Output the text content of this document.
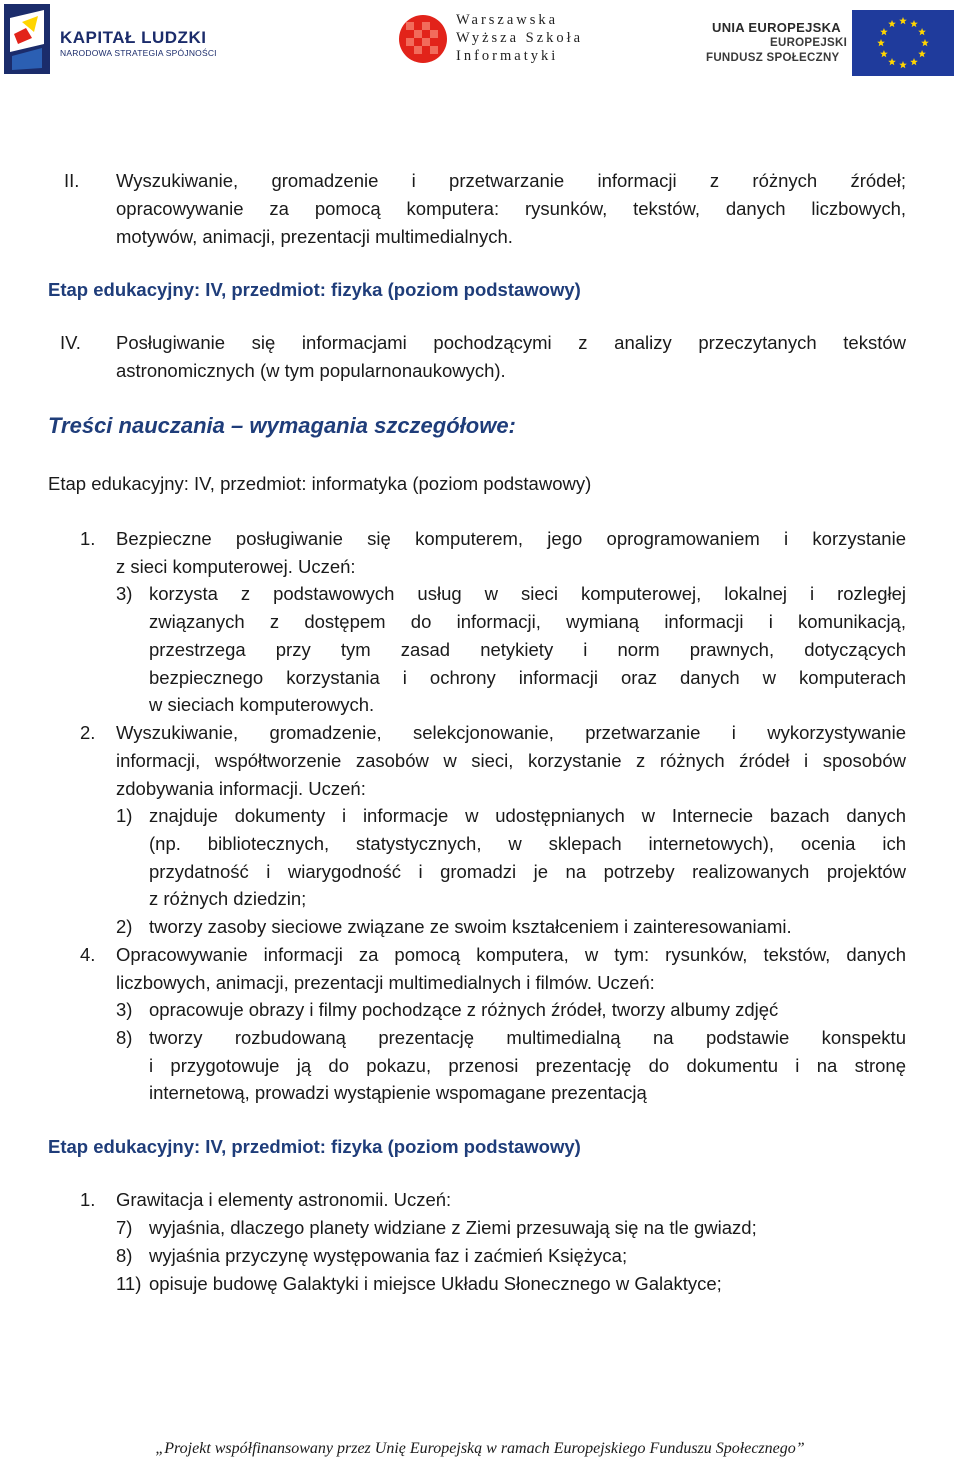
KAPITAŁ LUDZKI
NARODOWA STRATEGIA SPÓJNOŚCI
Warszawska
Wyższa Szkoła
Informatyki
UNIA EUROPEJSKA
EUROPEJSKI
FUNDUSZ SPOŁECZNY
II. Wyszukiwanie, gromadzenie i przetwarzanie informacji z różnych źródeł;
opracowywanie za pomocą komputera: rysunków, tekstów, danych liczbowych,
motywów, animacji, prezentacji multimedialnych.
Etap edukacyjny: IV, przedmiot: fizyka (poziom podstawowy)
IV. Posługiwanie się informacjami pochodzącymi z analizy przeczytanych tekstów
astronomicznych (w tym popularnonaukowych).
Treści nauczania – wymagania szczegółowe:
Etap edukacyjny: IV, przedmiot: informatyka (poziom podstawowy)
1. Bezpieczne posługiwanie się komputerem, jego oprogramowaniem i korzystanie
z sieci komputerowej. Uczeń:
3) korzysta z podstawowych usług w sieci komputerowej, lokalnej i rozległej
związanych z dostępem do informacji, wymianą informacji i komunikacją,
przestrzega przy tym zasad netykiety i norm prawnych, dotyczących
bezpiecznego korzystania i ochrony informacji oraz danych w komputerach
w sieciach komputerowych.
2. Wyszukiwanie, gromadzenie, selekcjonowanie, przetwarzanie i wykorzystywanie
informacji, współtworzenie zasobów w sieci, korzystanie z różnych źródeł i sposobów
zdobywania informacji. Uczeń:
1) znajduje dokumenty i informacje w udostępnianych w Internecie bazach danych
(np. bibliotecznych, statystycznych, w sklepach internetowych), ocenia ich
przydatność i wiarygodność i gromadzi je na potrzeby realizowanych projektów
z różnych dziedzin;
2) tworzy zasoby sieciowe związane ze swoim kształceniem i zainteresowaniami.
4. Opracowywanie informacji za pomocą komputera, w tym: rysunków, tekstów, danych
liczbowych, animacji, prezentacji multimedialnych i filmów. Uczeń:
3) opracowuje obrazy i filmy pochodzące z różnych źródeł, tworzy albumy zdjęć
8) tworzy rozbudowaną prezentację multimedialną na podstawie konspektu
i przygotowuje ją do pokazu, przenosi prezentację do dokumentu i na stronę
internetową, prowadzi wystąpienie wspomagane prezentacją
Etap edukacyjny: IV, przedmiot: fizyka (poziom podstawowy)
1. Grawitacja i elementy astronomii. Uczeń:
7) wyjaśnia, dlaczego planety widziane z Ziemi przesuwają się na tle gwiazd;
8) wyjaśnia przyczynę występowania faz i zaćmień Księżyca;
11) opisuje budowę Galaktyki i miejsce Układu Słonecznego w Galaktyce;
„Projekt współfinansowany przez Unię Europejską w ramach Europejskiego Funduszu Społecznego”
